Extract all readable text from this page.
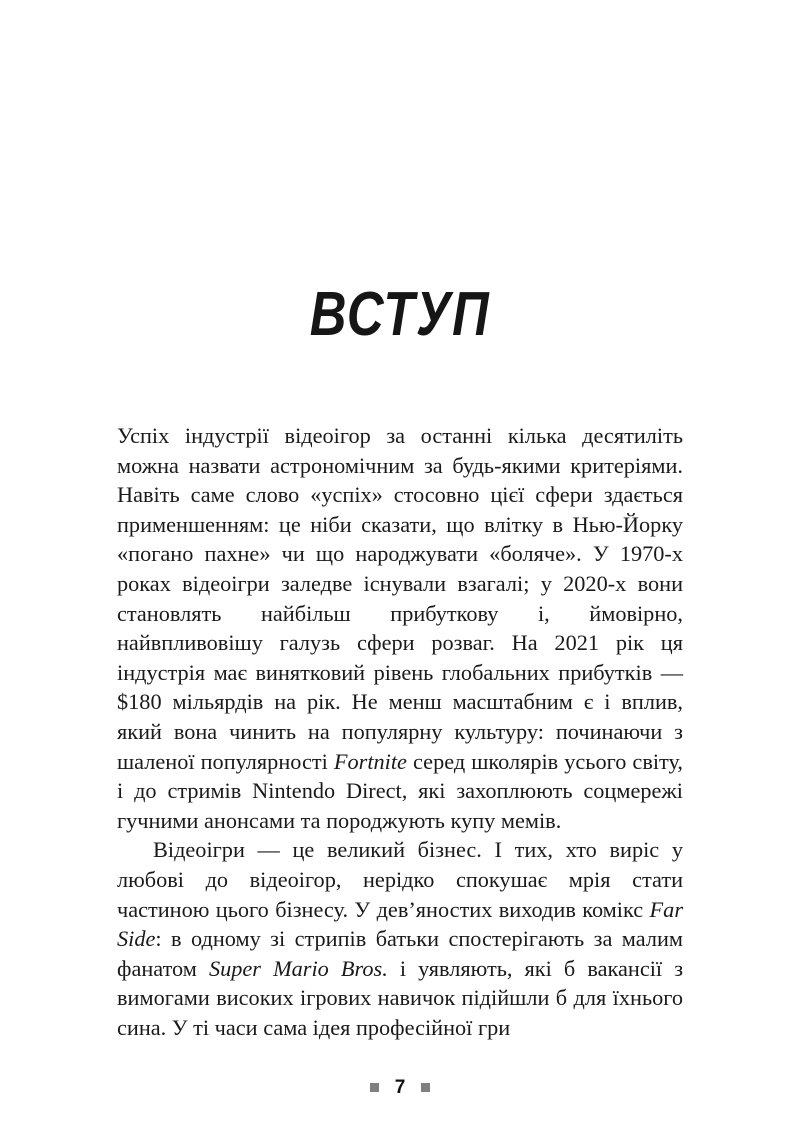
ВСТУП

Успіх індустрії відеоігор за останні кілька десятиліть можна назвати астрономічним за будь-якими критеріями. Навіть саме слово «успіх» стосовно цієї сфери здається применшенням: це ніби сказати, що влітку в Нью-Йорку «погано пахне» чи що народжувати «боляче». У 1970-х роках відеоігри заледве існували взагалі; у 2020-х вони становлять найбільш прибуткову і, ймовірно, найвпливовішу галузь сфери розваг. На 2021 рік ця індустрія має винятковий рівень глобальних прибутків — $180 мільярдів на рік. Не менш масштабним є і вплив, який вона чинить на популярну культуру: починаючи з шаленої популярності Fortnite серед школярів усього світу, і до стримів Nintendo Direct, які захоплюють соцмережі гучними анонсами та породжують купу мемів.

Відеоігри — це великий бізнес. І тих, хто виріс у любові до відеоігор, нерідко спокушає мрія стати частиною цього бізнесу. У дев’яностих виходив комікс Far Side: в одному зі стрипів батьки спостерігають за малим фанатом Super Mario Bros. і уявляють, які б вакансії з вимогами високих ігрових навичок підійшли б для їхнього сина. У ті часи сама ідея професійної гри

7
